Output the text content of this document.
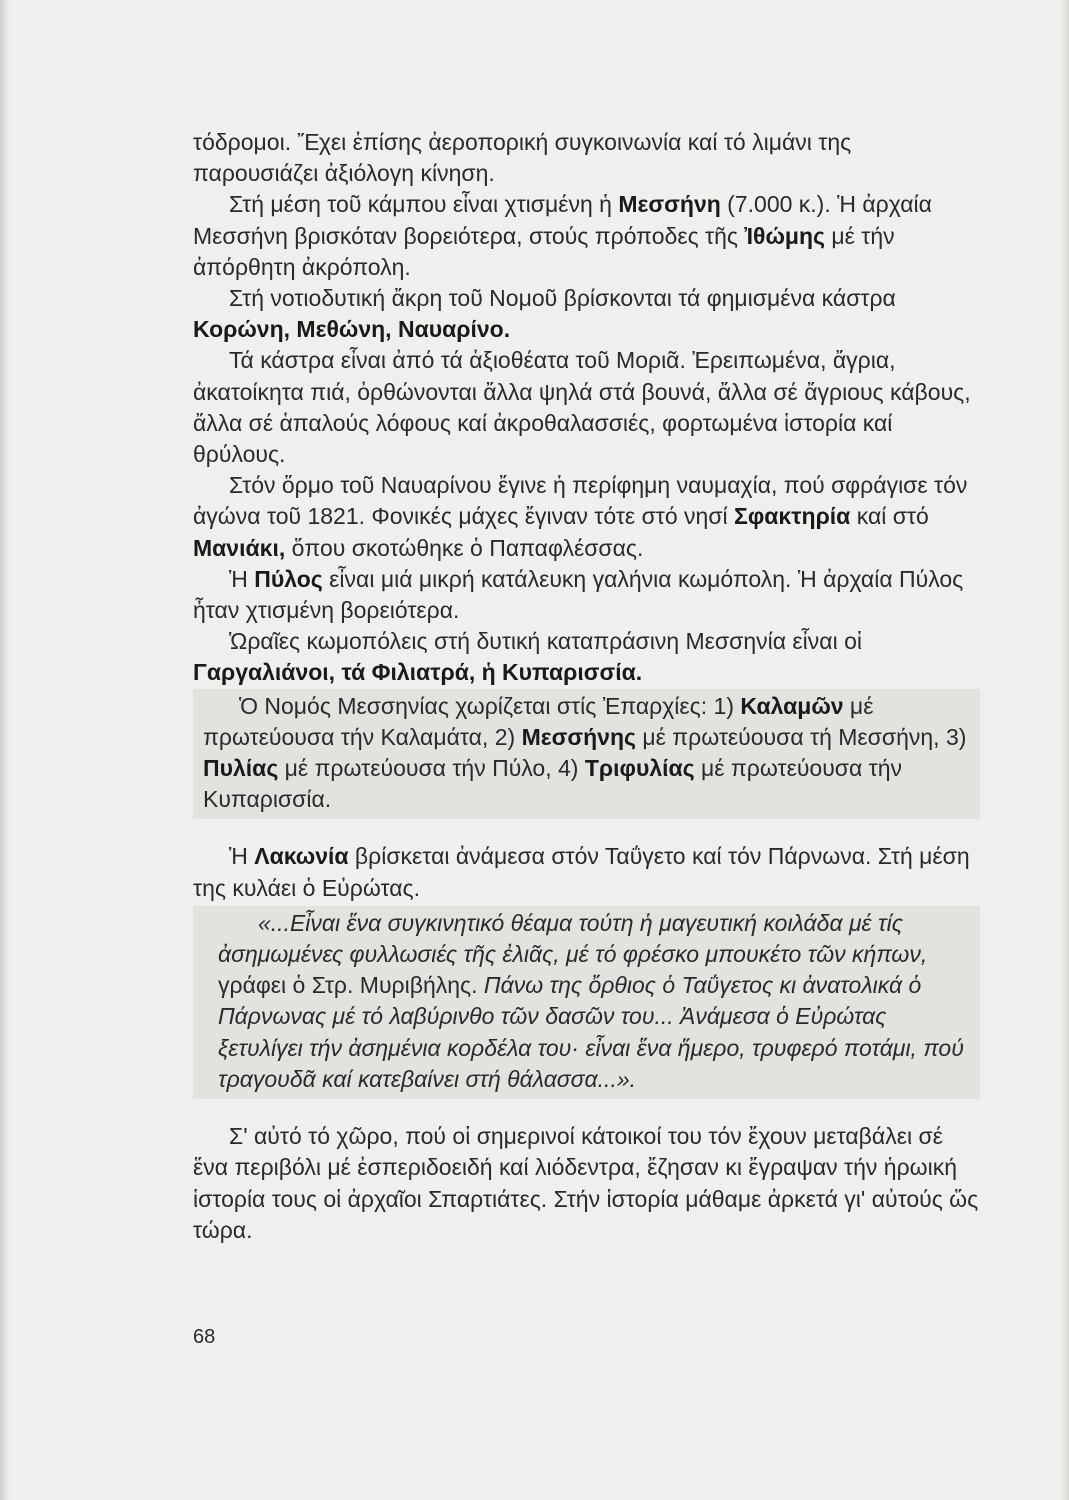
τόδρομοι. Ἔχει ἐπίσης ἀεροπορική συγκοινωνία καί τό λιμάνι της παρουσιάζει ἀξιόλογη κίνηση.

Στή μέση τοῦ κάμπου εἶναι χτισμένη ἡ Μεσσήνη (7.000 κ.). Ἡ ἀρχαία Μεσσήνη βρισκόταν βορειότερα, στούς πρόποδες τῆς Ἰθώμης μέ τήν ἀπόρθητη ἀκρόπολη.

Στή νοτιοδυτική ἄκρη τοῦ Νομοῦ βρίσκονται τά φημισμένα κάστρα Κορώνη, Μεθώνη, Ναυαρίνο.

Τά κάστρα εἶναι ἀπό τά ἀξιοθέατα τοῦ Μοριᾶ. Ἐρειπωμένα, ἄγρια, ἀκατοίκητα πιά, ὀρθώνονται ἄλλα ψηλά στά βουνά, ἄλλα σέ ἄγριους κάβους, ἄλλα σέ ἁπαλούς λόφους καί ἀκροθαλασσιές, φορτωμένα ἱστορία καί θρύλους.

Στόν ὅρμο τοῦ Ναυαρίνου ἔγινε ἡ περίφημη ναυμαχία, πού σφράγισε τόν ἀγώνα τοῦ 1821. Φονικές μάχες ἔγιναν τότε στό νησί Σφακτηρία καί στό Μανιάκι, ὅπου σκοτώθηκε ὁ Παπαφλέσσας.

Ἡ Πύλος εἶναι μιά μικρή κατάλευκη γαλήνια κωμόπολη. Ἡ ἀρχαία Πύλος ἦταν χτισμένη βορειότερα.

Ὡραῖες κωμοπόλεις στή δυτική καταπράσινη Μεσσηνία εἶναι οἱ Γαργαλιάνοι, τά Φιλιατρά, ἡ Κυπαρισσία.

Ὁ Νομός Μεσσηνίας χωρίζεται στίς Ἐπαρχίες: 1) Καλαμῶν μέ πρωτεύουσα τήν Καλαμάτα, 2) Μεσσήνης μέ πρωτεύουσα τή Μεσσήνη, 3) Πυλίας μέ πρωτεύουσα τήν Πύλο, 4) Τριφυλίας μέ πρωτεύουσα τήν Κυπαρισσία.

Ἡ Λακωνία βρίσκεται ἀνάμεσα στόν Ταΰγετο καί τόν Πάρνωνα. Στή μέση της κυλάει ὁ Εὐρώτας.

«...Εἶναι ἕνα συγκινητικό θέαμα τούτη ἡ μαγευτική κοιλάδα μέ τίς ἀσημωμένες φυλλωσιές τῆς ἐλιᾶς, μέ τό φρέσκο μπουκέτο τῶν κήπων, γράφει ὁ Στρ. Μυριβήλης. Πάνω της ὄρθιος ὁ Ταΰγετος κι ἀνατολικά ὁ Πάρνωνας μέ τό λαβύρινθο τῶν δασῶν του... Ἀνάμεσα ὁ Εὐρώτας ξετυλίγει τήν ἀσημένια κορδέλα του· εἶναι ἕνα ἥμερο, τρυφερό ποτάμι, πού τραγουδᾶ καί κατεβαίνει στή θάλασσα...».

Σ' αὐτό τό χῶρο, πού οἱ σημερινοί κάτοικοί του τόν ἔχουν μεταβάλει σέ ἕνα περιβόλι μέ ἐσπεριδοειδή καί λιόδεντρα, ἔζησαν κι ἔγραψαν τήν ἡρωική ἱστορία τους οἱ ἀρχαῖοι Σπαρτιάτες. Στήν ἱστορία μάθαμε ἀρκετά γι' αὐτούς ὥς τώρα.

68
